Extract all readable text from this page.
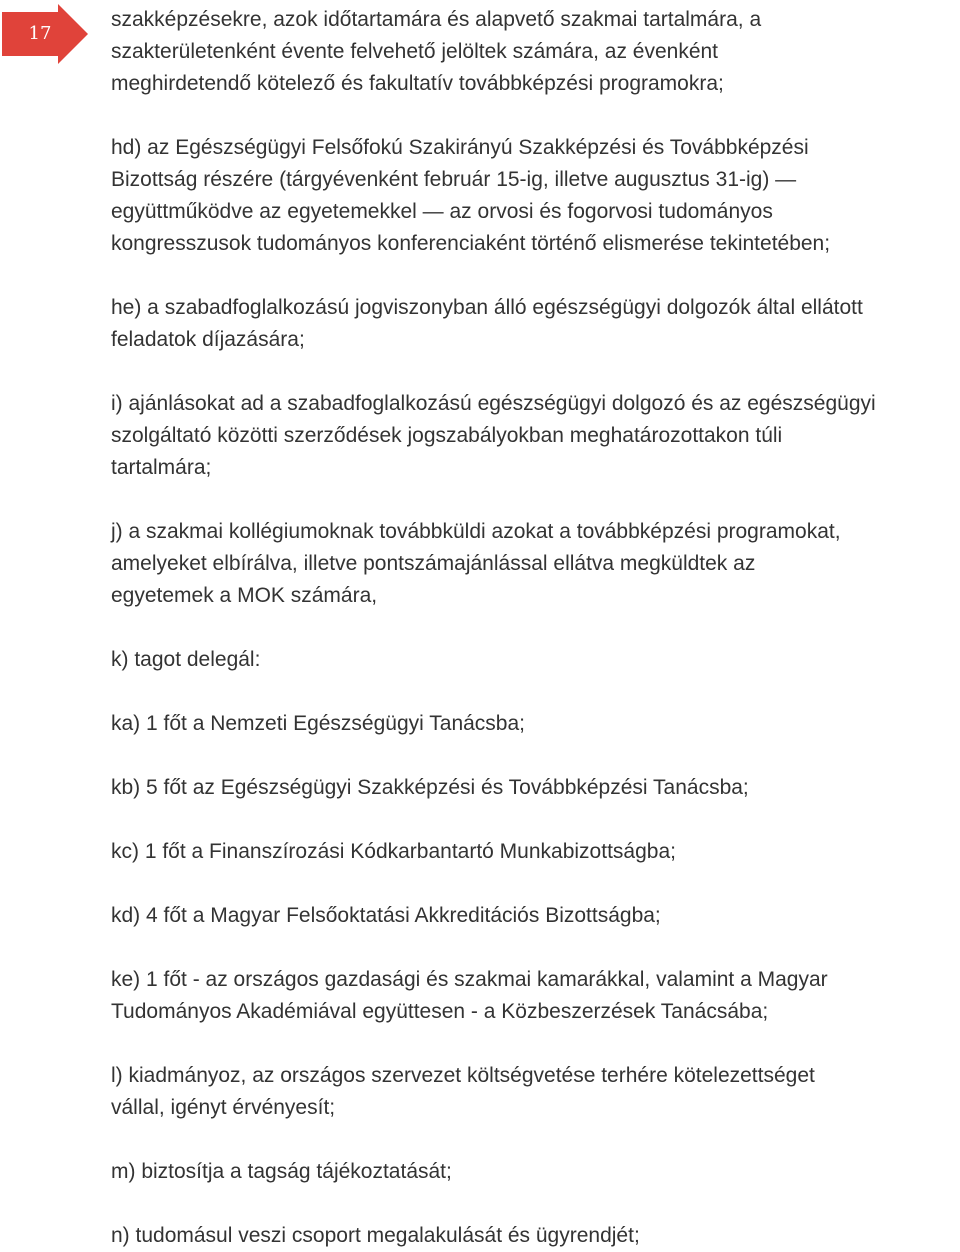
17

szakképzésekre, azok időtartamára és alapvető szakmai tartalmára, a
szakterületenként évente felvehető jelöltek számára, az évenként
meghirdetendő kötelező és fakultatív továbbképzési programokra;

hd) az Egészségügyi Felsőfokú Szakirányú Szakképzési és Továbbképzési
Bizottság részére (tárgyévenként február 15-ig, illetve augusztus 31-ig) —
együttműködve az egyetemekkel — az orvosi és fogorvosi tudományos
kongresszusok tudományos konferenciaként történő elismerése tekintetében;

he) a szabadfoglalkozású jogviszonyban álló egészségügyi dolgozók által ellátott
feladatok díjazására;

i) ajánlásokat ad a szabadfoglalkozású egészségügyi dolgozó és az egészségügyi
szolgáltató közötti szerződések jogszabályokban meghatározottakon túli
tartalmára;

j) a szakmai kollégiumoknak továbbküldi azokat a továbbképzési programokat,
amelyeket elbírálva, illetve pontszámajánlással ellátva megküldtek az
egyetemek a MOK számára,

k) tagot delegál:

ka) 1 főt a Nemzeti Egészségügyi Tanácsba;

kb) 5 főt az Egészségügyi Szakképzési és Továbbképzési Tanácsba;

kc) 1 főt a Finanszírozási Kódkarbantartó Munkabizottságba;

kd) 4 főt a Magyar Felsőoktatási Akkreditációs Bizottságba;

ke) 1 főt - az országos gazdasági és szakmai kamarákkal, valamint a Magyar
Tudományos Akadémiával együttesen - a Közbeszerzések Tanácsába;

l) kiadmányoz, az országos szervezet költségvetése terhére kötelezettséget
vállal, igényt érvényesít;

m) biztosítja a tagság tájékoztatását;

n) tudomásul veszi csoport megalakulását és ügyrendjét;
